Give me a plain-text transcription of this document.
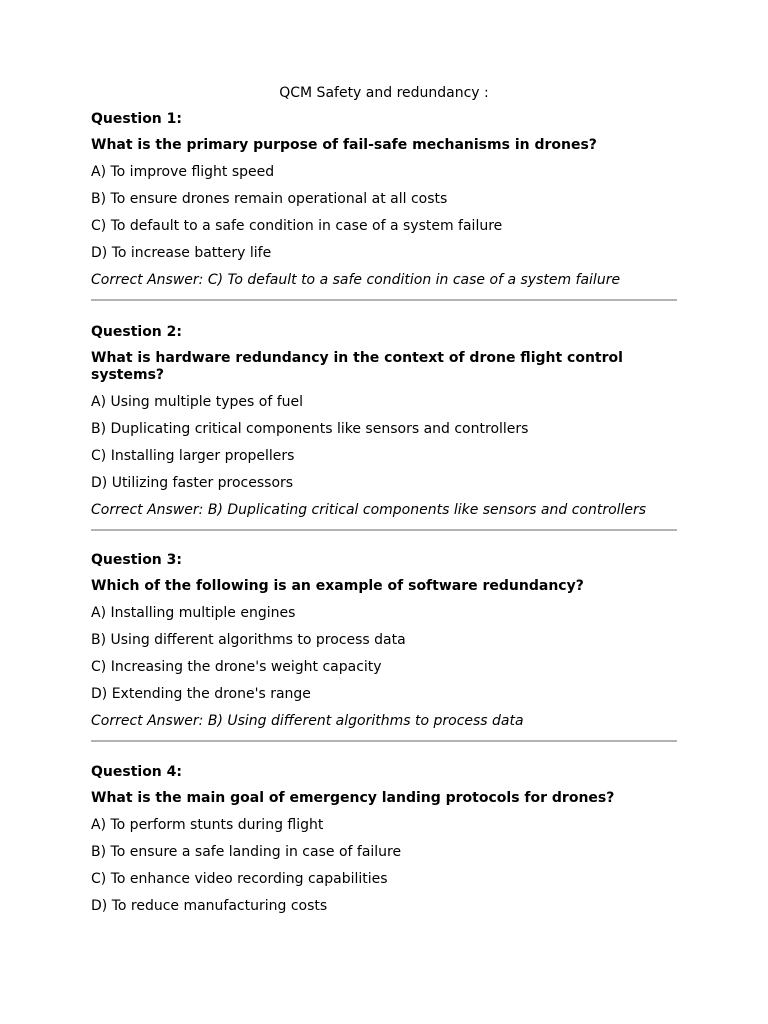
QCM Safety and redundancy :

Question 1:

What is the primary purpose of fail-safe mechanisms in drones?

A) To improve flight speed

B) To ensure drones remain operational at all costs

C) To default to a safe condition in case of a system failure

D) To increase battery life

Correct Answer: C) To default to a safe condition in case of a system failure

Question 2:

What is hardware redundancy in the context of drone flight control systems?

A) Using multiple types of fuel

B) Duplicating critical components like sensors and controllers

C) Installing larger propellers

D) Utilizing faster processors

Correct Answer: B) Duplicating critical components like sensors and controllers

Question 3:

Which of the following is an example of software redundancy?

A) Installing multiple engines

B) Using different algorithms to process data

C) Increasing the drone's weight capacity

D) Extending the drone's range

Correct Answer: B) Using different algorithms to process data

Question 4:

What is the main goal of emergency landing protocols for drones?

A) To perform stunts during flight

B) To ensure a safe landing in case of failure

C) To enhance video recording capabilities

D) To reduce manufacturing costs
